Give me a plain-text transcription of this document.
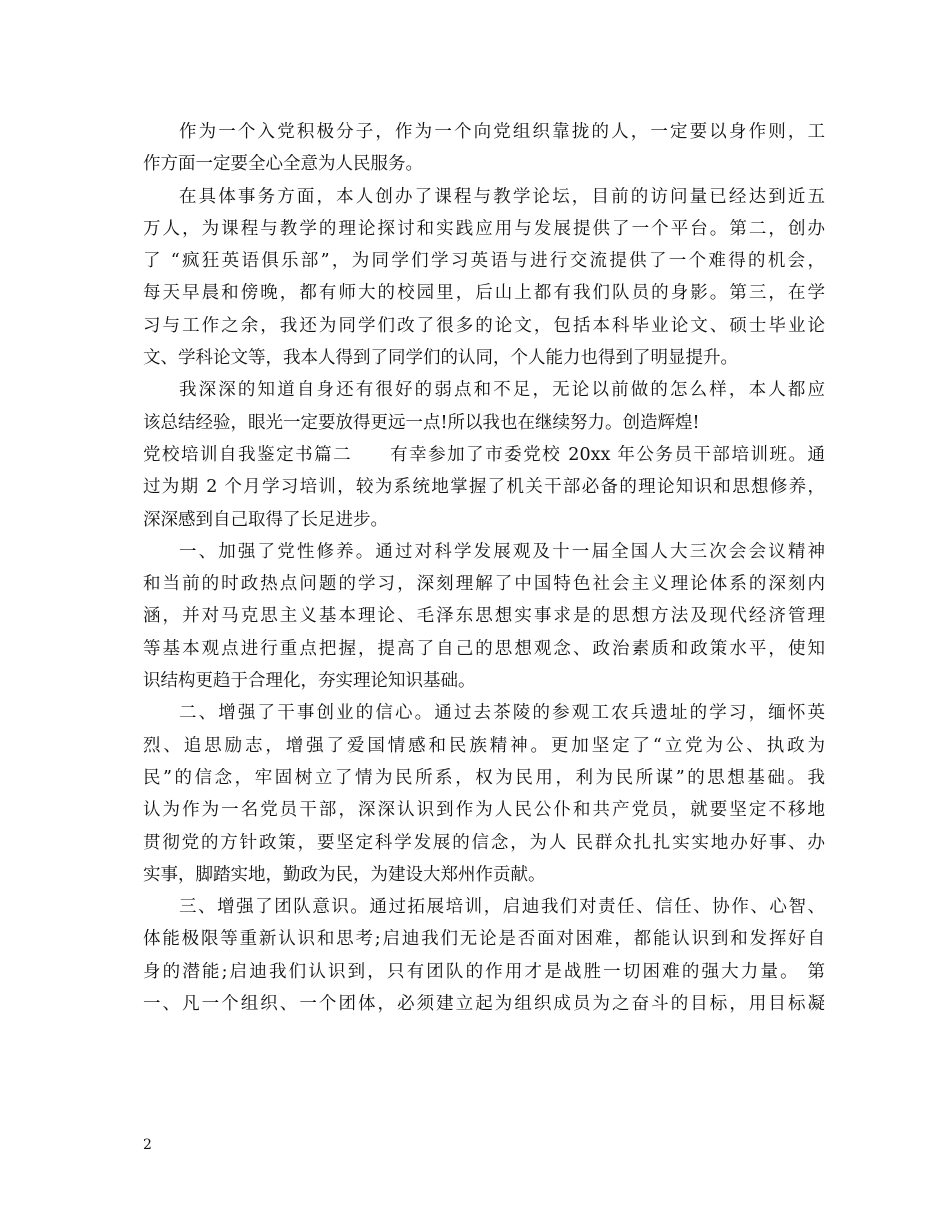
作为一个入党积极分子，作为一个向党组织靠拢的人，一定要以身作则，工
作方面一定要全心全意为人民服务。
在具体事务方面，本人创办了课程与教学论坛，目前的访问量已经达到近五
万人，为课程与教学的理论探讨和实践应用与发展提供了一个平台。第二，创办
了 “疯狂英语俱乐部”，为同学们学习英语与进行交流提供了一个难得的机会，
每天早晨和傍晚，都有师大的校园里，后山上都有我们队员的身影。第三，在学
习与工作之余，我还为同学们改了很多的论文，包括本科毕业论文、硕士毕业论
文、学科论文等，我本人得到了同学们的认同，个人能力也得到了明显提升。
我深深的知道自身还有很好的弱点和不足，无论以前做的怎么样，本人都应
该总结经验，眼光一定要放得更远一点!所以我也在继续努力。创造辉煌!
党校培训自我鉴定书篇二　　有幸参加了市委党校 20xx 年公务员干部培训班。通
过为期 2 个月学习培训，较为系统地掌握了机关干部必备的理论知识和思想修养，
深深感到自己取得了长足进步。
一、加强了党性修养。通过对科学发展观及十一届全国人大三次会会议精神
和当前的时政热点问题的学习，深刻理解了中国特色社会主义理论体系的深刻内
涵，并对马克思主义基本理论、毛泽东思想实事求是的思想方法及现代经济管理
等基本观点进行重点把握，提高了自己的思想观念、政治素质和政策水平，使知
识结构更趋于合理化，夯实理论知识基础。
二、增强了干事创业的信心。通过去茶陵的参观工农兵遗址的学习，缅怀英
烈、追思励志，增强了爱国情感和民族精神。更加坚定了“立党为公、执政为
民”的信念，牢固树立了情为民所系，权为民用，利为民所谋”的思想基础。我
认为作为一名党员干部，深深认识到作为人民公仆和共产党员，就要坚定不移地
贯彻党的方针政策，要坚定科学发展的信念，为人 民群众扎扎实实地办好事、办
实事，脚踏实地，勤政为民，为建设大郑州作贡献。
三、增强了团队意识。通过拓展培训，启迪我们对责任、信任、协作、心智、
体能极限等重新认识和思考;启迪我们无论是否面对困难，都能认识到和发挥好自
身的潜能;启迪我们认识到，只有团队的作用才是战胜一切困难的强大力量。 第
一、凡一个组织、一个团体，必须建立起为组织成员为之奋斗的目标，用目标凝
2
